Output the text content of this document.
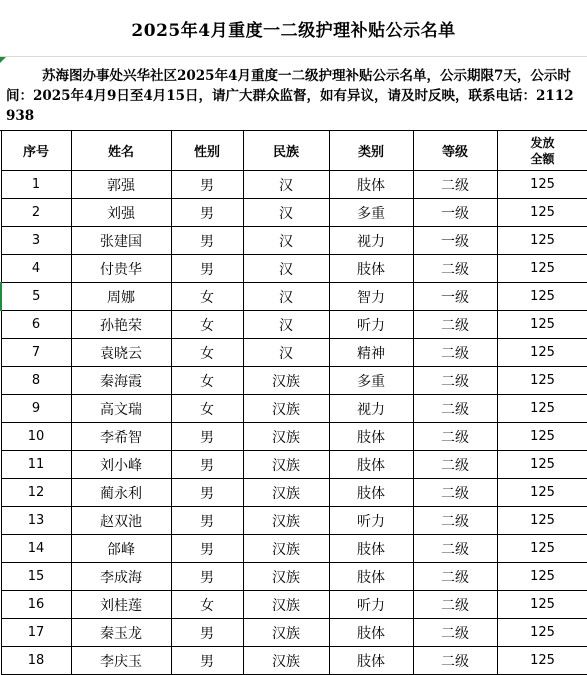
2025年4月重度一二级护理补贴公示名单

苏海图办事处兴华社区2025年4月重度一二级护理补贴公示名单，公示期限7天，公示时间：2025年4月9日至4月15日，请广大群众监督，如有异议，请及时反映，联系电话：2112938

序号	姓名	性别	民族	类别	等级	发放全额
1	郭强	男	汉	肢体	二级	125
2	刘强	男	汉	多重	一级	125
3	张建国	男	汉	视力	一级	125
4	付贵华	男	汉	肢体	二级	125
5	周娜	女	汉	智力	一级	125
6	孙艳荣	女	汉	听力	二级	125
7	袁晓云	女	汉	精神	二级	125
8	秦海霞	女	汉族	多重	二级	125
9	高文瑞	女	汉族	视力	二级	125
10	李希智	男	汉族	肢体	二级	125
11	刘小峰	男	汉族	肢体	二级	125
12	蔺永利	男	汉族	肢体	二级	125
13	赵双池	男	汉族	听力	二级	125
14	郃峰	男	汉族	肢体	二级	125
15	李成海	男	汉族	肢体	二级	125
16	刘桂莲	女	汉族	听力	二级	125
17	秦玉龙	男	汉族	肢体	二级	125
18	李庆玉	男	汉族	肢体	二级	125
